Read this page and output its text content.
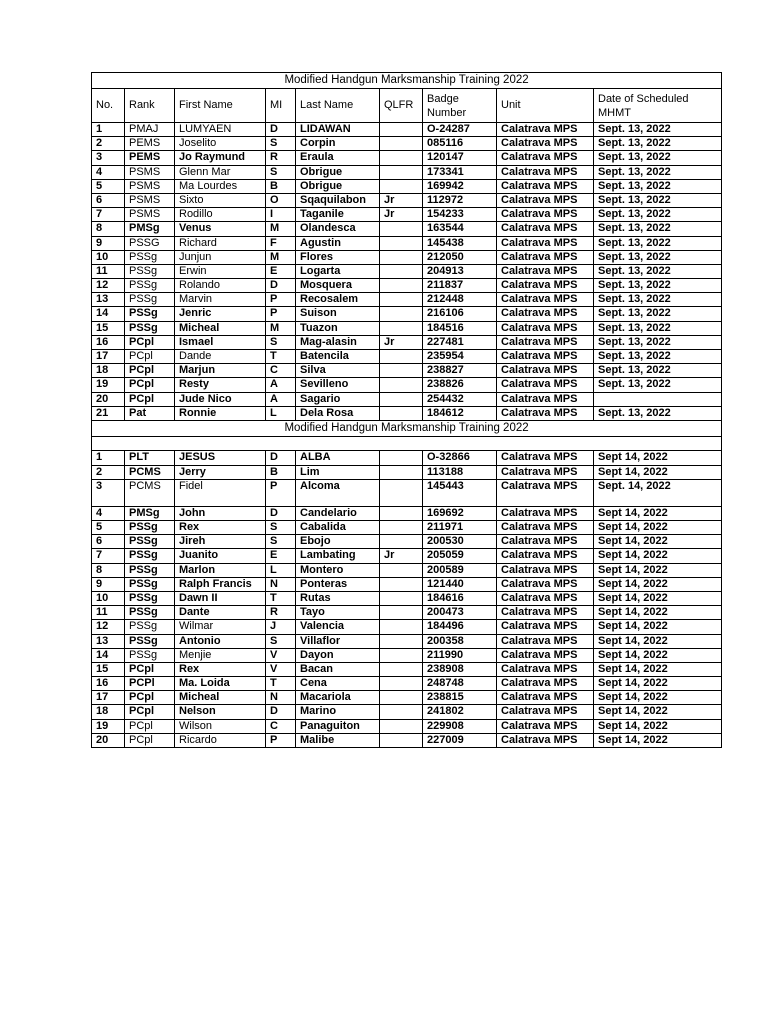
Modified Handgun Marksmanship Training 2022								
No.	Rank	First Name	MI	Last Name	QLFR	Badge Number	Unit	Date of Scheduled MHMT
1	PMAJ	LUMYAEN	D	LIDAWAN		O-24287	Calatrava MPS	Sept. 13, 2022
2	PEMS	Joselito	S	Corpin		085116	Calatrava MPS	Sept. 13, 2022
3	PEMS	Jo Raymund	R	Eraula		120147	Calatrava MPS	Sept. 13, 2022
4	PSMS	Glenn Mar	S	Obrigue		173341	Calatrava MPS	Sept. 13, 2022
5	PSMS	Ma Lourdes	B	Obrigue		169942	Calatrava MPS	Sept. 13, 2022
6	PSMS	Sixto	O	Sqaquilabon	Jr	112972	Calatrava MPS	Sept. 13, 2022
7	PSMS	Rodillo	I	Taganile	Jr	154233	Calatrava MPS	Sept. 13, 2022
8	PMSg	Venus	M	Olandesca		163544	Calatrava MPS	Sept. 13, 2022
9	PSSG	Richard	F	Agustin		145438	Calatrava MPS	Sept. 13, 2022
10	PSSg	Junjun	M	Flores		212050	Calatrava MPS	Sept. 13, 2022
11	PSSg	Erwin	E	Logarta		204913	Calatrava MPS	Sept. 13, 2022
12	PSSg	Rolando	D	Mosquera		211837	Calatrava MPS	Sept. 13, 2022
13	PSSg	Marvin	P	Recosalem		212448	Calatrava MPS	Sept. 13, 2022
14	PSSg	Jenric	P	Suison		216106	Calatrava MPS	Sept. 13, 2022
15	PSSg	Micheal	M	Tuazon		184516	Calatrava MPS	Sept. 13, 2022
16	PCpl	Ismael	S	Mag-alasin	Jr	227481	Calatrava MPS	Sept. 13, 2022
17	PCpl	Dande	T	Batencila		235954	Calatrava MPS	Sept. 13, 2022
18	PCpl	Marjun	C	Silva		238827	Calatrava MPS	Sept. 13, 2022
19	PCpl	Resty	A	Sevilleno		238826	Calatrava MPS	Sept. 13, 2022
20	PCpl	Jude Nico	A	Sagario		254432	Calatrava MPS	
21	Pat	Ronnie	L	Dela Rosa		184612	Calatrava MPS	Sept. 13, 2022
Modified Handgun Marksmanship Training 2022								

1	PLT	JESUS	D	ALBA		O-32866	Calatrava MPS	Sept 14, 2022
2	PCMS	Jerry	B	Lim		113188	Calatrava MPS	Sept 14, 2022
3	PCMS	Fidel	P	Alcoma		145443	Calatrava MPS	Sept. 14, 2022
4	PMSg	John	D	Candelario		169692	Calatrava MPS	Sept 14, 2022
5	PSSg	Rex	S	Cabalida		211971	Calatrava MPS	Sept 14, 2022
6	PSSg	Jireh	S	Ebojo		200530	Calatrava MPS	Sept 14, 2022
7	PSSg	Juanito	E	Lambating	Jr	205059	Calatrava MPS	Sept 14, 2022
8	PSSg	Marlon	L	Montero		200589	Calatrava MPS	Sept 14, 2022
9	PSSg	Ralph Francis	N	Ponteras		121440	Calatrava MPS	Sept 14, 2022
10	PSSg	Dawn II	T	Rutas		184616	Calatrava MPS	Sept 14, 2022
11	PSSg	Dante	R	Tayo		200473	Calatrava MPS	Sept 14, 2022
12	PSSg	Wilmar	J	Valencia		184496	Calatrava MPS	Sept 14, 2022
13	PSSg	Antonio	S	Villaflor		200358	Calatrava MPS	Sept 14, 2022
14	PSSg	Menjie	V	Dayon		211990	Calatrava MPS	Sept 14, 2022
15	PCpl	Rex	V	Bacan		238908	Calatrava MPS	Sept 14, 2022
16	PCPl	Ma. Loida	T	Cena		248748	Calatrava MPS	Sept 14, 2022
17	PCpl	Micheal	N	Macariola		238815	Calatrava MPS	Sept 14, 2022
18	PCpl	Nelson	D	Marino		241802	Calatrava MPS	Sept 14, 2022
19	PCpl	Wilson	C	Panaguiton		229908	Calatrava MPS	Sept 14, 2022
20	PCpl	Ricardo	P	Malibe		227009	Calatrava MPS	Sept 14, 2022
